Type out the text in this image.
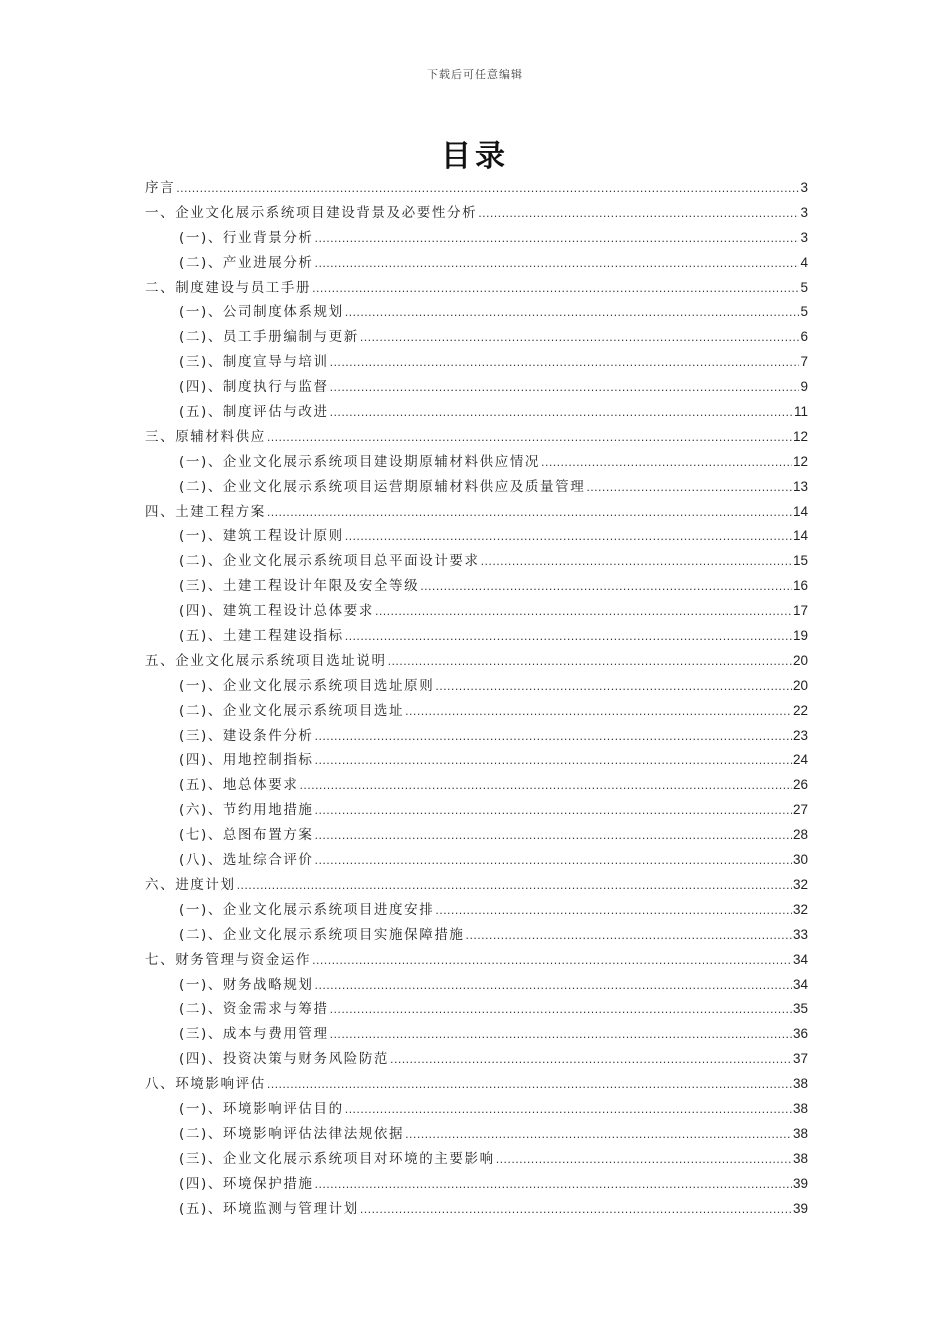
下载后可任意编辑
目录
序言 .....	3
一、企业文化展示系统项目建设背景及必要性分析 .....	3
(一)、行业背景分析 .....	3
(二)、产业进展分析 .....	4
二、制度建设与员工手册 .....	5
(一)、公司制度体系规划 .....	5
(二)、员工手册编制与更新 .....	6
(三)、制度宣导与培训 .....	7
(四)、制度执行与监督 .....	9
(五)、制度评估与改进 .....	11
三、原辅材料供应 .....	12
(一)、企业文化展示系统项目建设期原辅材料供应情况 .....	12
(二)、企业文化展示系统项目运营期原辅材料供应及质量管理 .....	13
四、土建工程方案 .....	14
(一)、建筑工程设计原则 .....	14
(二)、企业文化展示系统项目总平面设计要求 .....	15
(三)、土建工程设计年限及安全等级 .....	16
(四)、建筑工程设计总体要求 .....	17
(五)、土建工程建设指标 .....	19
五、企业文化展示系统项目选址说明 .....	20
(一)、企业文化展示系统项目选址原则 .....	20
(二)、企业文化展示系统项目选址 .....	22
(三)、建设条件分析 .....	23
(四)、用地控制指标 .....	24
(五)、地总体要求 .....	26
(六)、节约用地措施 .....	27
(七)、总图布置方案 .....	28
(八)、选址综合评价 .....	30
六、进度计划 .....	32
(一)、企业文化展示系统项目进度安排 .....	32
(二)、企业文化展示系统项目实施保障措施 .....	33
七、财务管理与资金运作 .....	34
(一)、财务战略规划 .....	34
(二)、资金需求与筹措 .....	35
(三)、成本与费用管理 .....	36
(四)、投资决策与财务风险防范 .....	37
八、环境影响评估 .....	38
(一)、环境影响评估目的 .....	38
(二)、环境影响评估法律法规依据 .....	38
(三)、企业文化展示系统项目对环境的主要影响 .....	38
(四)、环境保护措施 .....	39
(五)、环境监测与管理计划 .....	39
